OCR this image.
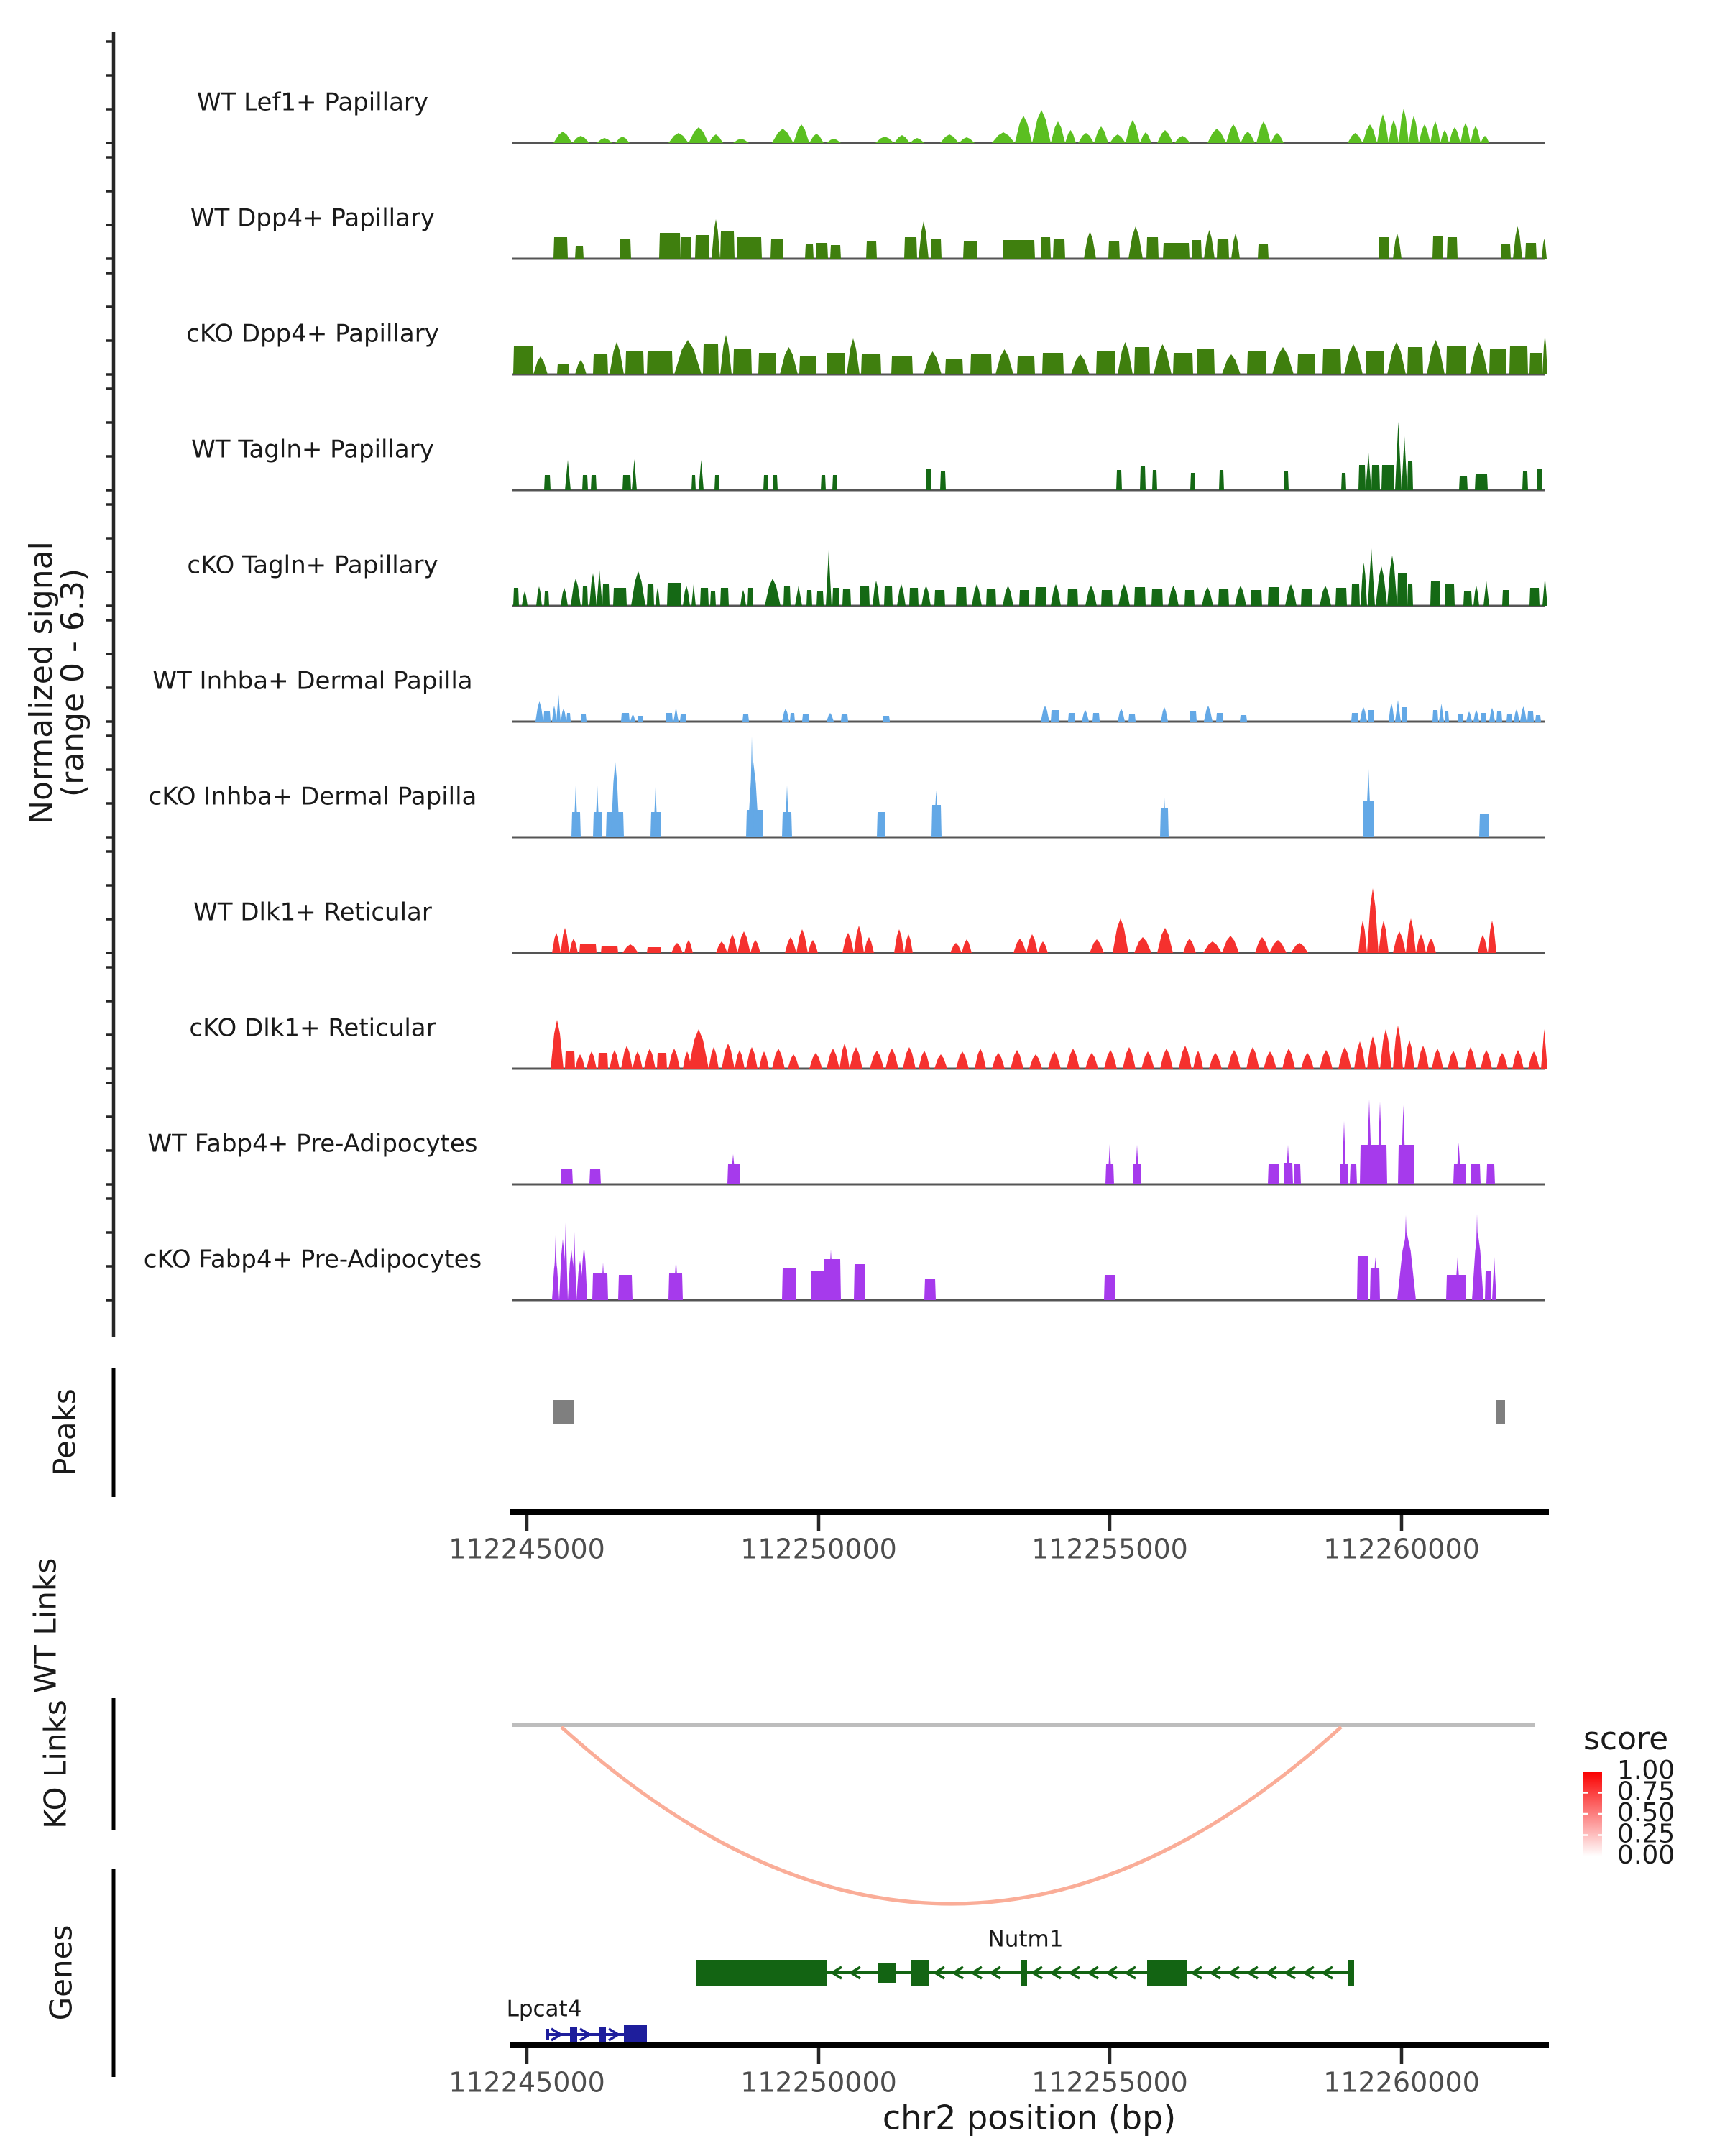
WT Lef1+ Papillary
WT Dpp4+ Papillary
cKO Dpp4+ Papillary
WT Tagln+ Papillary
cKO Tagln+ Papillary
WT Inhba+ Dermal Papilla
cKO Inhba+ Dermal Papilla
WT Dlk1+ Reticular
cKO Dlk1+ Reticular
WT Fabp4+ Pre-Adipocytes
cKO Fabp4+ Pre-Adipocytes
Normalized signal
(range 0 - 6.3)
112245000	112250000	112255000	112260000
score
1.00
0.75
0.50
0.25
0.00
Nutm1
Lpcat4
112245000	112250000	112255000	112260000
chr2 position (bp)
Peaks
WT Links
KO Links
Genes
